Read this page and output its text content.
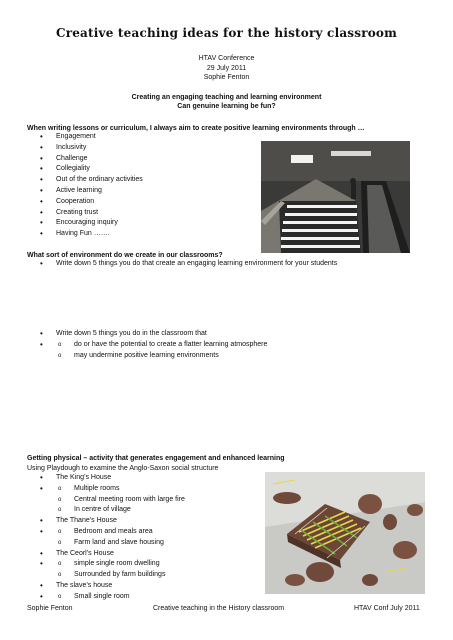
Creative teaching ideas for the history classroom
HTAV Conference
29 July 2011
Sophie Fenton
Creating an engaging teaching and learning environment
Can genuine learning be fun?
When writing lessons or curriculum, I always aim to create positive learning environments through …
• Engagement
• Inclusivity
• Challenge
• Collegiality
• Out of the ordinary activities
• Active learning
• Cooperation
• Creating trust
• Encouraging inquiry
• Having Fun …….
What sort of environment do we create in our classrooms?
• Write down 5 things you do that create an engaging learning environment for your students
• Write down 5 things you do in the classroom that
o • do or have the potential to create a flatter learning atmosphere
o may undermine positive learning environments
Getting physical – activity that generates engagement and enhanced learning
Using Playdough to examine the Anglo-Saxon social structure
• The King’s House
o • Multiple rooms
o Central meeting room with large fire
o In centre of village
• The Thane’s House
o • Bedroom and meals area
o Farm land and slave housing
• The Ceorl’s House
o • simple single room dwelling
o Surrounded by farm buildings
• The slave’s house
o • Small single room
Sophie Fenton	Creative teaching in the History classroom	HTAV Conf July 2011
